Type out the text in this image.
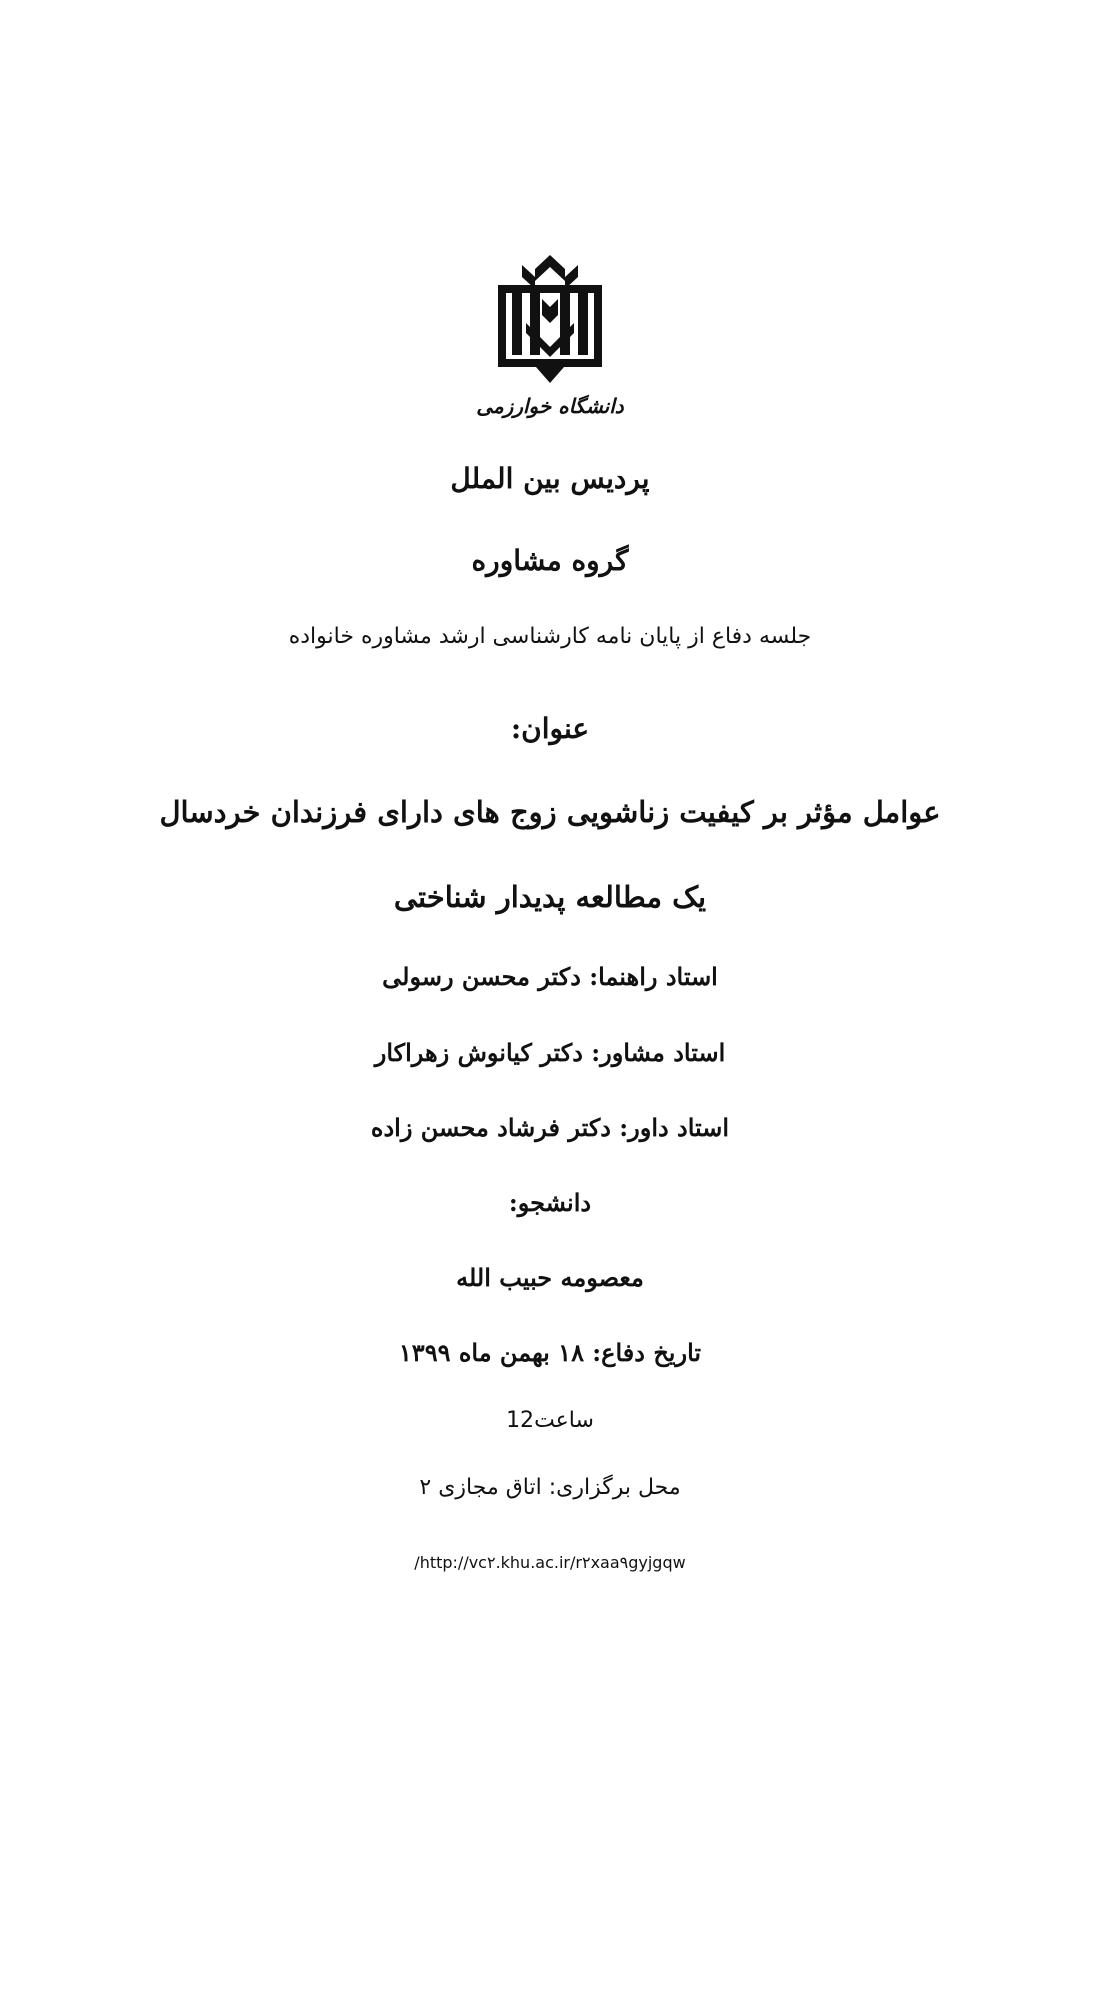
دانشگاه خوارزمی
پردیس بین الملل
گروه مشاوره
جلسه دفاع از پایان نامه کارشناسی ارشد مشاوره خانواده
عنوان:
عوامل مؤثر بر کیفیت زناشویی زوج های دارای فرزندان خردسال
یک مطالعه پدیدار شناختی
استاد راهنما: دکتر محسن رسولی
استاد مشاور: دکتر کیانوش زهراکار
استاد داور: دکتر فرشاد محسن زاده
دانشجو:
معصومه حبیب الله
تاریخ دفاع: ۱۸ بهمن ماه ۱۳۹۹
ساعت12
محل برگزاری: اتاق مجازی ۲
/http://vc٢.khu.ac.ir/r٢xaa٩gyjgqw
